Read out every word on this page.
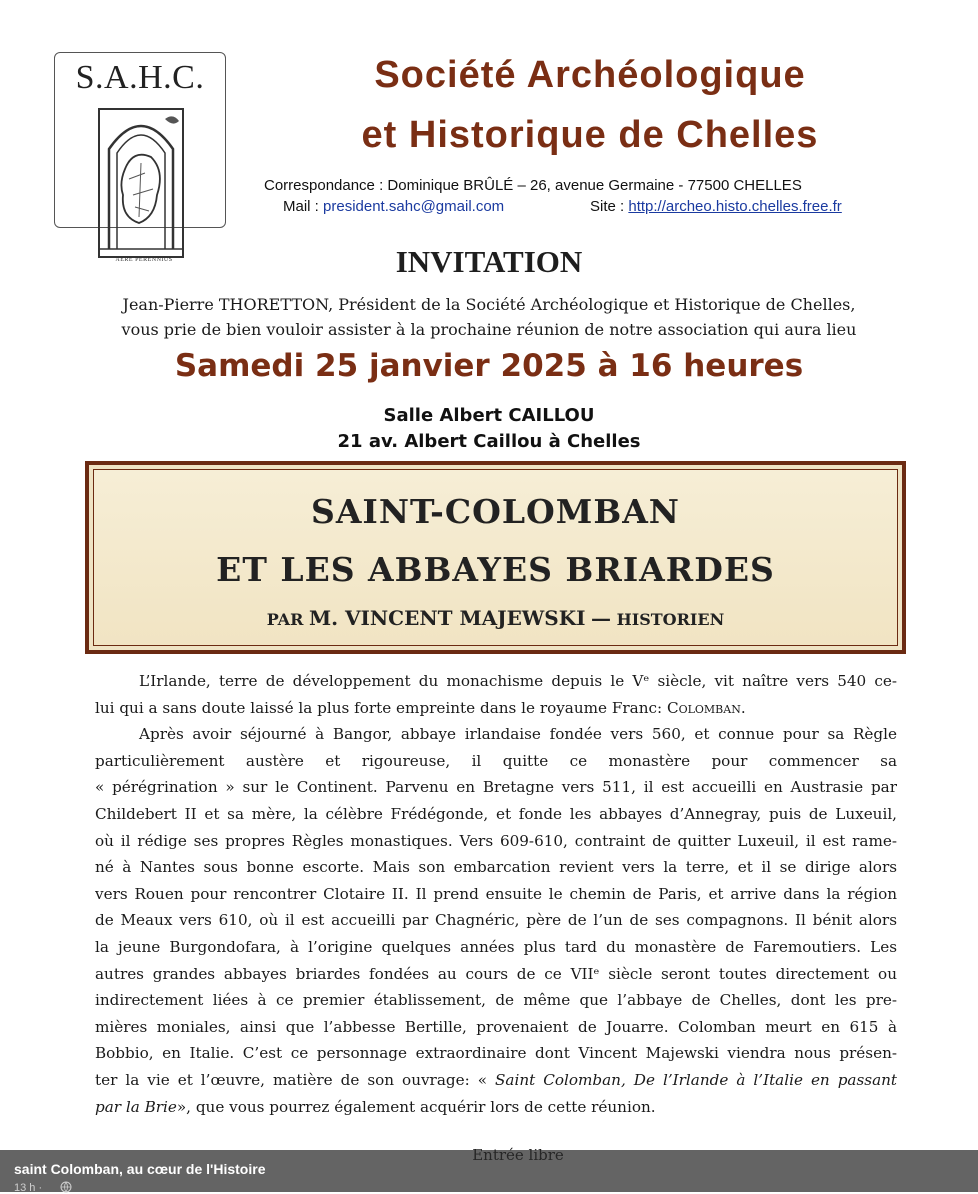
S.A.H.C.
AERE PERENNIUS
Société Archéologique
et Historique de Chelles
Correspondance : Dominique BRÛLÉ – 26, avenue Germaine - 77500 CHELLES
Mail : president.sahc@gmail.com	Site : http://archeo.histo.chelles.free.fr
INVITATION
Jean-Pierre THORETTON, Président de la Société Archéologique et Historique de Chelles,
vous prie de bien vouloir assister à la prochaine réunion de notre association qui aura lieu
Samedi 25 janvier 2025 à 16 heures
Salle Albert CAILLOU
21 av. Albert Caillou à Chelles
SAINT-COLOMBAN
ET LES ABBAYES BRIARDES
PAR M. VINCENT MAJEWSKI — HISTORIEN
L’Irlande, terre de développement du monachisme depuis le Vᵉ siècle, vit naître vers 540 ce-
lui qui a sans doute laissé la plus forte empreinte dans le royaume Franc: Colomban.
Après avoir séjourné à Bangor, abbaye irlandaise fondée vers 560, et connue pour sa Règle
particulièrement austère et rigoureuse, il quitte ce monastère pour commencer sa
« pérégrination » sur le Continent. Parvenu en Bretagne vers 511, il est accueilli en Austrasie par
Childebert II et sa mère, la célèbre Frédégonde, et fonde les abbayes d’Annegray, puis de Luxeuil,
où il rédige ses propres Règles monastiques. Vers 609-610, contraint de quitter Luxeuil, il est rame-
né à Nantes sous bonne escorte. Mais son embarcation revient vers la terre, et il se dirige alors
vers Rouen pour rencontrer Clotaire II. Il prend ensuite le chemin de Paris, et arrive dans la région
de Meaux vers 610, où il est accueilli par Chagnéric, père de l’un de ses compagnons. Il bénit alors
la jeune Burgondofara, à l’origine quelques années plus tard du monastère de Faremoutiers. Les
autres grandes abbayes briardes fondées au cours de ce VIIᵉ siècle seront toutes directement ou
indirectement liées à ce premier établissement, de même que l’abbaye de Chelles, dont les pre-
mières moniales, ainsi que l’abbesse Bertille, provenaient de Jouarre. Colomban meurt en 615 à
Bobbio, en Italie. C’est ce personnage extraordinaire dont Vincent Majewski viendra nous présen-
ter la vie et l’œuvre, matière de son ouvrage: « Saint Colomban, De l’Irlande à l’Italie en passant
par la Brie», que vous pourrez également acquérir lors de cette réunion.
saint Colomban, au cœur de l'Histoire
13 h ·
